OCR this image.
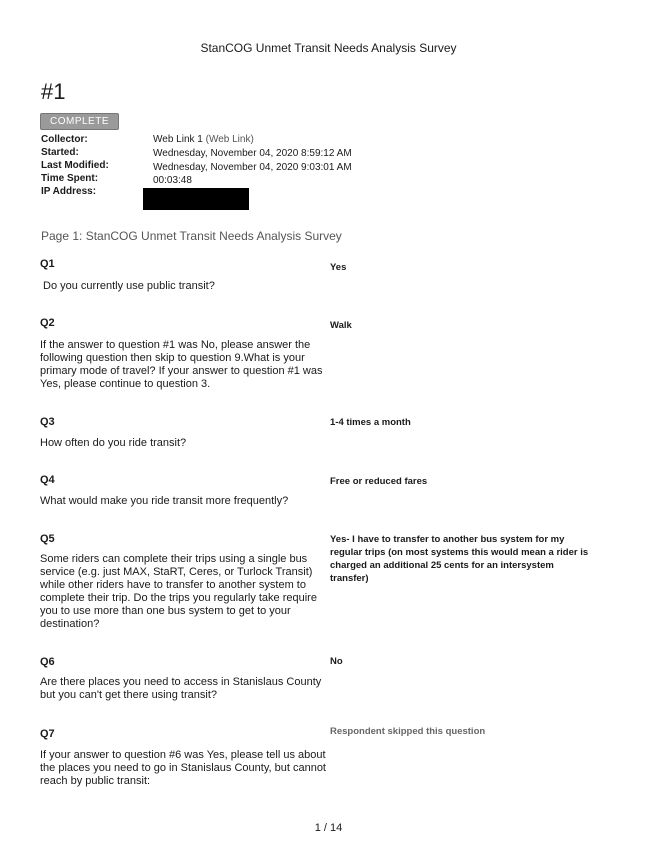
StanCOG Unmet Transit Needs Analysis Survey
#1
COMPLETE
Collector:	Web Link 1 (Web Link)
Started:	Wednesday, November 04, 2020 8:59:12 AM
Last Modified:	Wednesday, November 04, 2020 9:03:01 AM
Time Spent:	00:03:48
IP Address:
Page 1: StanCOG Unmet Transit Needs Analysis Survey
Q1
Do you currently use public transit?
Yes
Q2
If the answer to question #1 was No, please answer the following question then skip to question 9.What is your primary mode of travel? If your answer to question #1 was Yes, please continue to question 3.
Walk
Q3
How often do you ride transit?
1-4 times a month
Q4
What would make you ride transit more frequently?
Free or reduced fares
Q5
Some riders can complete their trips using a single bus service (e.g. just MAX, StaRT, Ceres, or Turlock Transit) while other riders have to transfer to another system to complete their trip. Do the trips you regularly take require you to use more than one bus system to get to your destination?
Yes- I have to transfer to another bus system for my regular trips (on most systems this would mean a rider is charged an additional 25 cents for an intersystem transfer)
Q6
Are there places you need to access in Stanislaus County but you can't get there using transit?
No
Q7
If your answer to question #6 was Yes, please tell us about the places you need to go in Stanislaus County, but cannot reach by public transit:
Respondent skipped this question
1 / 14
